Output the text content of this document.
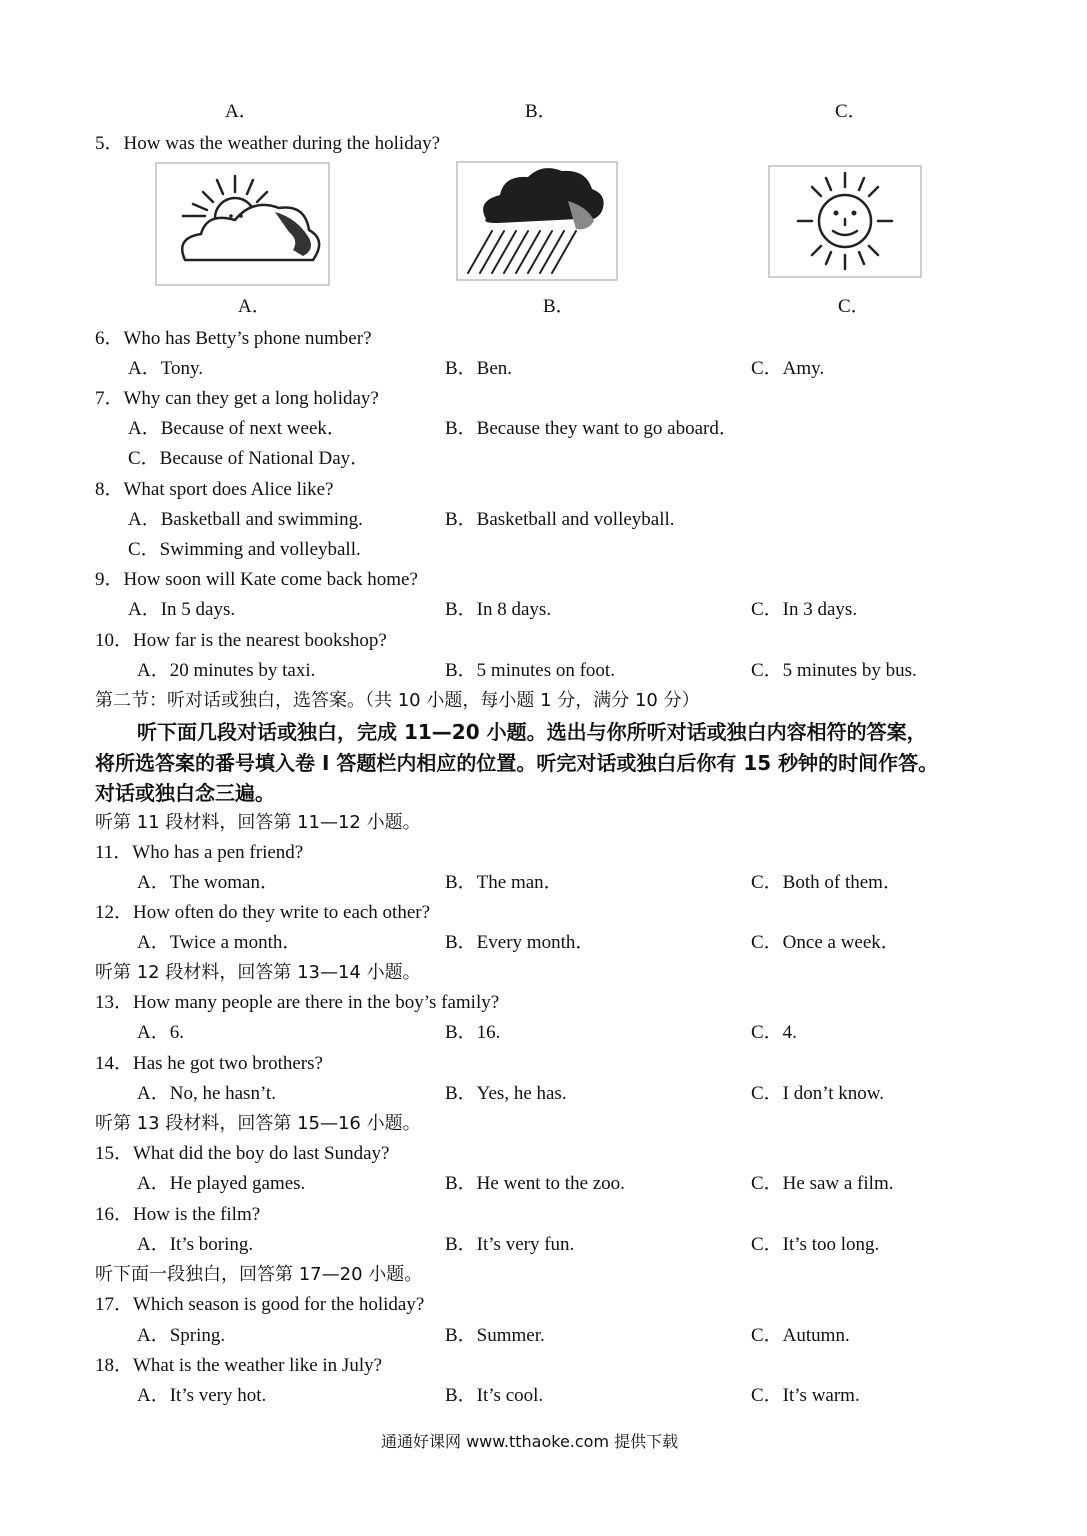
A．	B．	C．
5．How was the weather during the holiday?
A．	B．	C．
6．Who has Betty’s phone number?
A．Tony.	B．Ben.	C．Amy.
7．Why can they get a long holiday?
A．Because of next week．	B．Because they want to go aboard．
C．Because of National Day．
8．What sport does Alice like?
A．Basketball and swimming.	B．Basketball and volleyball.
C．Swimming and volleyball.
9．How soon will Kate come back home?
A．In 5 days.	B．In 8 days.	C．In 3 days.
10．How far is the nearest bookshop?
A．20 minutes by taxi.	B．5 minutes on foot.	C．5 minutes by bus.
第二节：听对话或独白，选答案。（共 10 小题，每小题 1 分，满分 10 分）
听下面几段对话或独白，完成 11—20 小题。选出与你所听对话或独白内容相符的答案，
将所选答案的番号填入卷 I 答题栏内相应的位置。听完对话或独白后你有 15 秒钟的时间作答。
对话或独白念三遍。
听第 11 段材料，回答第 11—12 小题。
11．Who has a pen friend?
A．The woman．	B．The man．	C．Both of them．
12．How often do they write to each other?
A．Twice a month．	B．Every month．	C．Once a week．
听第 12 段材料，回答第 13—14 小题。
13．How many people are there in the boy’s family?
A．6.	B．16.	C．4.
14．Has he got two brothers?
A．No, he hasn’t.	B．Yes, he has.	C．I don’t know.
听第 13 段材料，回答第 15—16 小题。
15．What did the boy do last Sunday?
A．He played games.	B．He went to the zoo.	C．He saw a film.
16．How is the film?
A．It’s boring.	B．It’s very fun.	C．It’s too long.
听下面一段独白，回答第 17—20 小题。
17．Which season is good for the holiday?
A．Spring.	B．Summer.	C．Autumn.
18．What is the weather like in July?
A．It’s very hot.	B．It’s cool.	C．It’s warm.
通通好课网 www.tthaoke.com 提供下载
